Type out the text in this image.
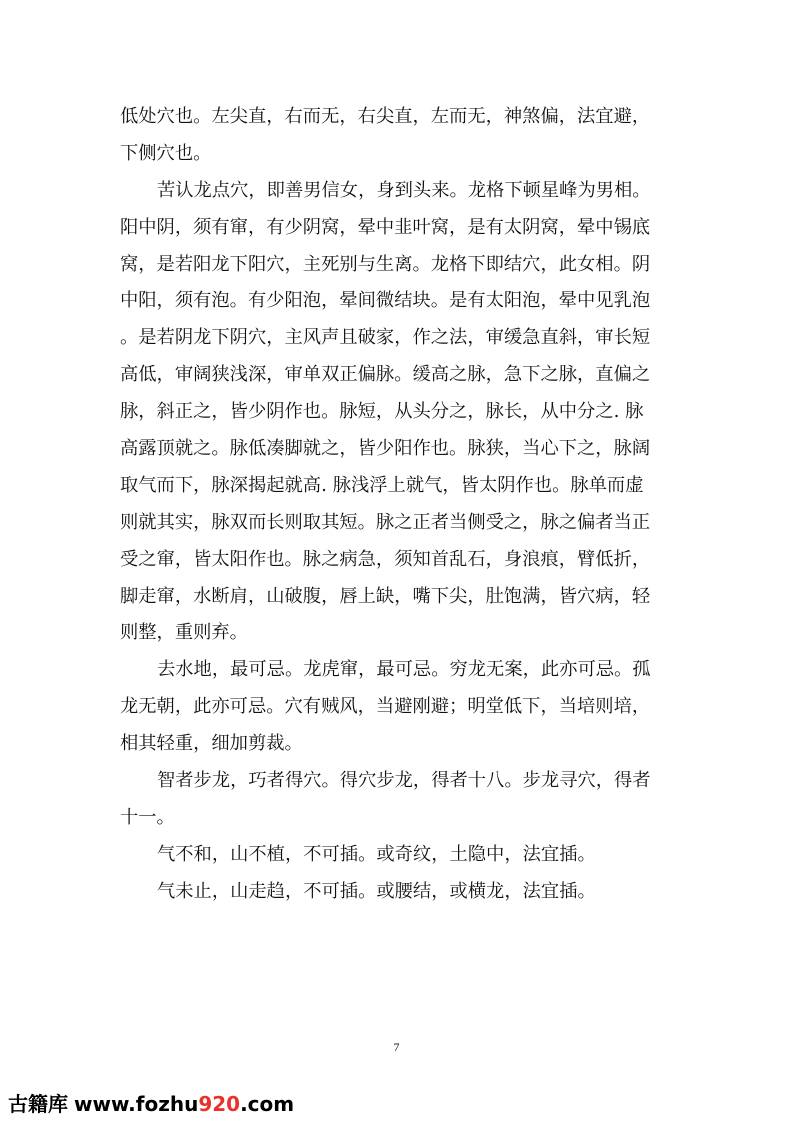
低处穴也。左尖直，右而无，右尖直，左而无，神煞偏，法宜避，
下侧穴也。
苦认龙点穴，即善男信女，身到头来。龙格下顿星峰为男相。
阳中阴，须有窜，有少阴窝，晕中韭叶窝，是有太阴窝，晕中锡底
窝，是若阳龙下阳穴，主死别与生离。龙格下即结穴，此女相。阴
中阳，须有泡。有少阳泡，晕间微结块。是有太阳泡，晕中见乳泡
。是若阴龙下阴穴，主风声且破家，作之法，审缓急直斜，审长短
高低，审阔狭浅深，审单双正偏脉。缓高之脉，急下之脉，直偏之
脉，斜正之，皆少阴作也。脉短，从头分之，脉长，从中分之. 脉
高露顶就之。脉低凑脚就之，皆少阳作也。脉狭，当心下之，脉阔
取气而下，脉深揭起就高. 脉浅浮上就气，皆太阴作也。脉单而虚
则就其实，脉双而长则取其短。脉之正者当侧受之，脉之偏者当正
受之窜，皆太阳作也。脉之病急，须知首乱石，身浪痕，臂低折，
脚走窜，水断肩，山破腹，唇上缺，嘴下尖，肚饱满，皆穴病，轻
则整，重则弃。
去水地，最可忌。龙虎窜，最可忌。穷龙无案，此亦可忌。孤
龙无朝，此亦可忌。穴有贼风，当避刚避；明堂低下，当培则培，
相其轻重，细加剪裁。
智者步龙，巧者得穴。得穴步龙，得者十八。步龙寻穴，得者
十一。
气不和，山不植，不可插。或奇纹，土隐中，法宜插。
气未止，山走趋，不可插。或腰结，或横龙，法宜插。
7
古籍库 www.fozhu920.com
